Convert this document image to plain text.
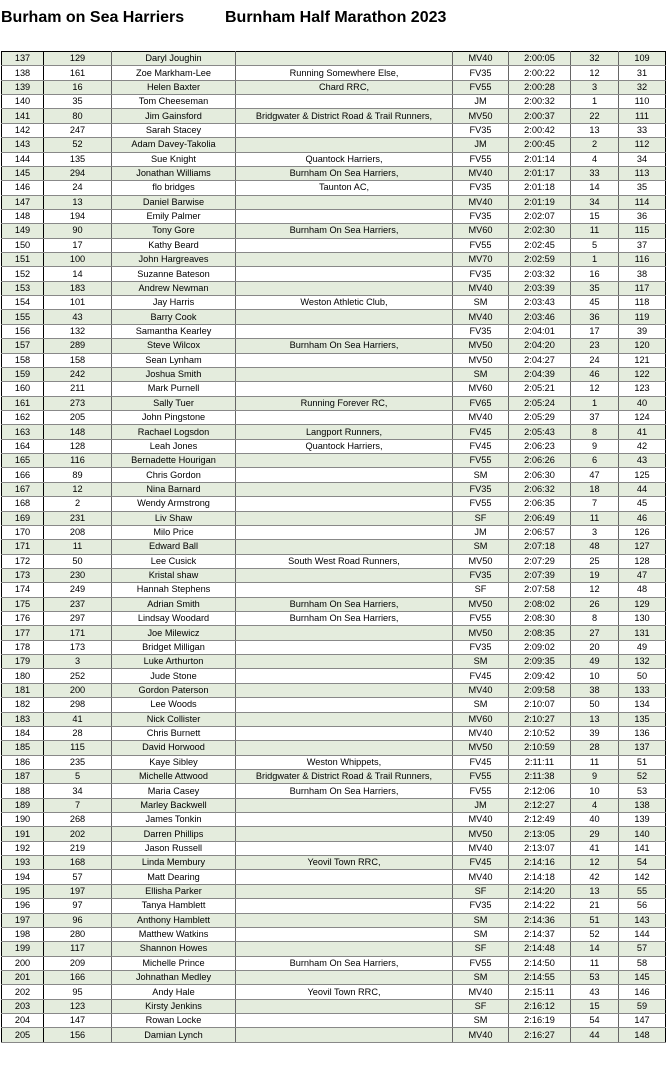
Burham on Sea Harriers	Burnham Half Marathon 2023
137	129	Daryl Joughin		MV40	2:00:05	32	109
138	161	Zoe Markham-Lee	Running Somewhere Else,	FV35	2:00:22	12	31
139	16	Helen Baxter	Chard RRC,	FV55	2:00:28	3	32
140	35	Tom Cheeseman		JM	2:00:32	1	110
141	80	Jim Gainsford	Bridgwater & District Road & Trail Runners,	MV50	2:00:37	22	111
142	247	Sarah Stacey		FV35	2:00:42	13	33
143	52	Adam Davey-Takolia		JM	2:00:45	2	112
144	135	Sue Knight	Quantock Harriers,	FV55	2:01:14	4	34
145	294	Jonathan Williams	Burnham On Sea Harriers,	MV40	2:01:17	33	113
146	24	flo bridges	Taunton AC,	FV35	2:01:18	14	35
147	13	Daniel Barwise		MV40	2:01:19	34	114
148	194	Emily Palmer		FV35	2:02:07	15	36
149	90	Tony Gore	Burnham On Sea Harriers,	MV60	2:02:30	11	115
150	17	Kathy Beard		FV55	2:02:45	5	37
151	100	John Hargreaves		MV70	2:02:59	1	116
152	14	Suzanne Bateson		FV35	2:03:32	16	38
153	183	Andrew Newman		MV40	2:03:39	35	117
154	101	Jay Harris	Weston Athletic Club,	SM	2:03:43	45	118
155	43	Barry Cook		MV40	2:03:46	36	119
156	132	Samantha Kearley		FV35	2:04:01	17	39
157	289	Steve Wilcox	Burnham On Sea Harriers,	MV50	2:04:20	23	120
158	158	Sean Lynham		MV50	2:04:27	24	121
159	242	Joshua Smith		SM	2:04:39	46	122
160	211	Mark Purnell		MV60	2:05:21	12	123
161	273	Sally Tuer	Running Forever RC,	FV65	2:05:24	1	40
162	205	John Pingstone		MV40	2:05:29	37	124
163	148	Rachael Logsdon	Langport Runners,	FV45	2:05:43	8	41
164	128	Leah Jones	Quantock Harriers,	FV45	2:06:23	9	42
165	116	Bernadette Hourigan		FV55	2:06:26	6	43
166	89	Chris Gordon		SM	2:06:30	47	125
167	12	Nina Barnard		FV35	2:06:32	18	44
168	2	Wendy Armstrong		FV55	2:06:35	7	45
169	231	Liv Shaw		SF	2:06:49	11	46
170	208	Milo Price		JM	2:06:57	3	126
171	11	Edward Ball		SM	2:07:18	48	127
172	50	Lee Cusick	South West Road Runners,	MV50	2:07:29	25	128
173	230	Kristal shaw		FV35	2:07:39	19	47
174	249	Hannah Stephens		SF	2:07:58	12	48
175	237	Adrian Smith	Burnham On Sea Harriers,	MV50	2:08:02	26	129
176	297	Lindsay Woodard	Burnham On Sea Harriers,	FV55	2:08:30	8	130
177	171	Joe Milewicz		MV50	2:08:35	27	131
178	173	Bridget Milligan		FV35	2:09:02	20	49
179	3	Luke Arthurton		SM	2:09:35	49	132
180	252	Jude Stone		FV45	2:09:42	10	50
181	200	Gordon Paterson		MV40	2:09:58	38	133
182	298	Lee Woods		SM	2:10:07	50	134
183	41	Nick Collister		MV60	2:10:27	13	135
184	28	Chris Burnett		MV40	2:10:52	39	136
185	115	David Horwood		MV50	2:10:59	28	137
186	235	Kaye Sibley	Weston Whippets,	FV45	2:11:11	11	51
187	5	Michelle Attwood	Bridgwater & District Road & Trail Runners,	FV55	2:11:38	9	52
188	34	Maria Casey	Burnham On Sea Harriers,	FV55	2:12:06	10	53
189	7	Marley Backwell		JM	2:12:27	4	138
190	268	James Tonkin		MV40	2:12:49	40	139
191	202	Darren Phillips		MV50	2:13:05	29	140
192	219	Jason Russell		MV40	2:13:07	41	141
193	168	Linda Membury	Yeovil Town RRC,	FV45	2:14:16	12	54
194	57	Matt Dearing		MV40	2:14:18	42	142
195	197	Ellisha Parker		SF	2:14:20	13	55
196	97	Tanya Hamblett		FV35	2:14:22	21	56
197	96	Anthony Hamblett		SM	2:14:36	51	143
198	280	Matthew Watkins		SM	2:14:37	52	144
199	117	Shannon Howes		SF	2:14:48	14	57
200	209	Michelle Prince	Burnham On Sea Harriers,	FV55	2:14:50	11	58
201	166	Johnathan Medley		SM	2:14:55	53	145
202	95	Andy Hale	Yeovil Town RRC,	MV40	2:15:11	43	146
203	123	Kirsty Jenkins		SF	2:16:12	15	59
204	147	Rowan Locke		SM	2:16:19	54	147
205	156	Damian Lynch		MV40	2:16:27	44	148
